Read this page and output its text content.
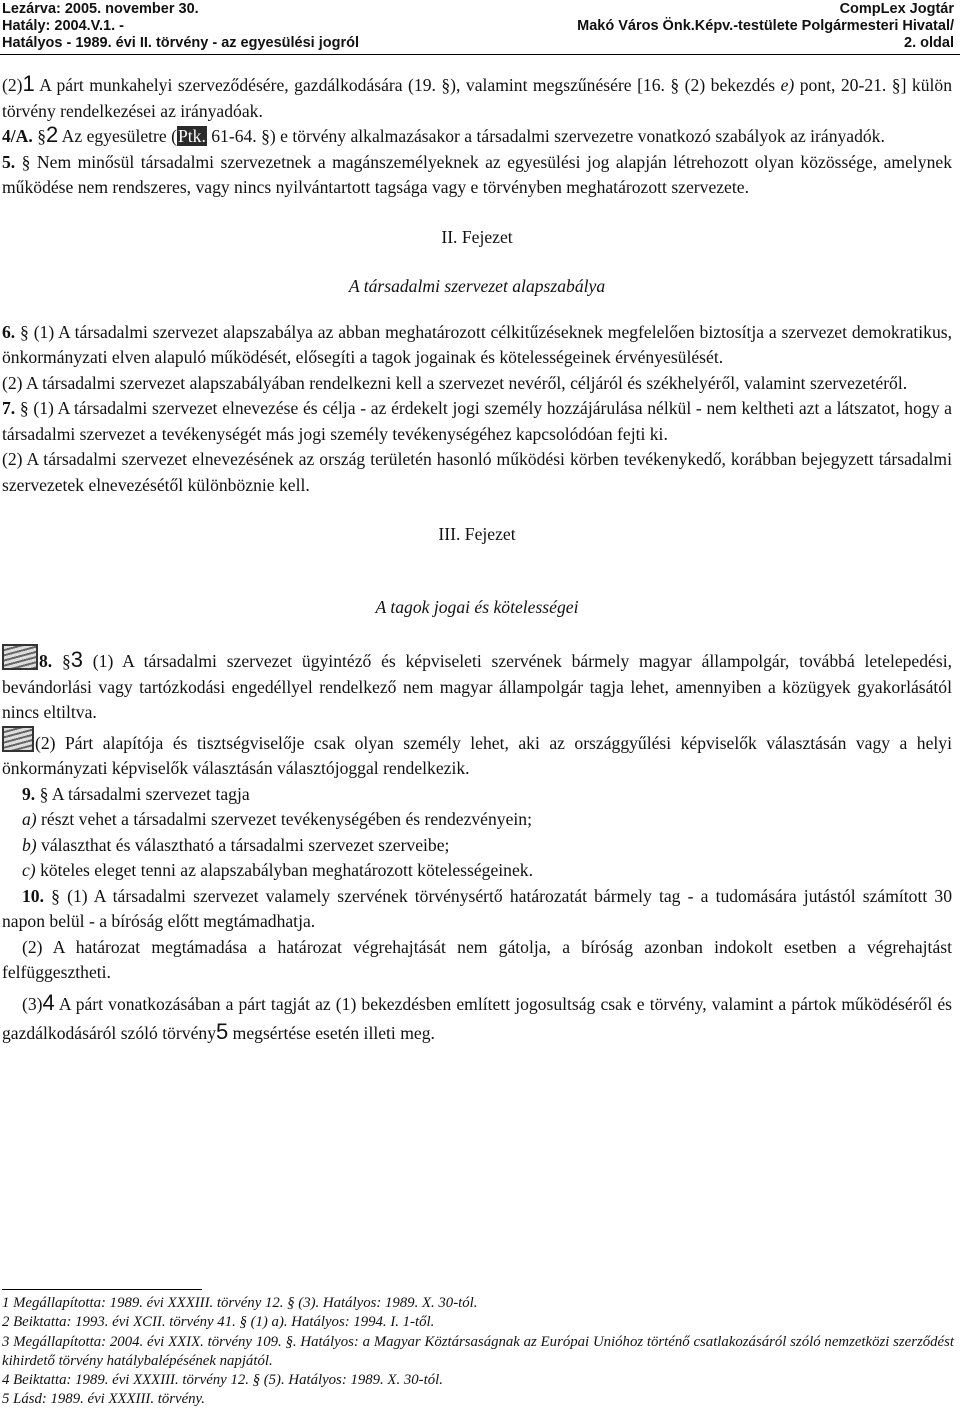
Lezárva: 2005. november 30.
Hatály: 2004.V.1. -
Hatályos - 1989. évi II. törvény - az egyesülési jogról
CompLex Jogtár
Makó Város Önk.Képv.-testülete Polgármesteri Hivatal/
2. oldal

(2)1 A párt munkahelyi szerveződésére, gazdálkodására (19. §), valamint megszűnésére [16. § (2) bekezdés e) pont, 20-21. §] külön törvény rendelkezései az irányadóak.

4/A. §2 Az egyesületre (Ptk. 61-64. §) e törvény alkalmazásakor a társadalmi szervezetre vonatkozó szabályok az irányadók.

5. § Nem minősül társadalmi szervezetnek a magánszemélyeknek az egyesülési jog alapján létrehozott olyan közössége, amelynek működése nem rendszeres, vagy nincs nyilvántartott tagsága vagy e törvényben meghatározott szervezete.

II. Fejezet

A társadalmi szervezet alapszabálya

6. § (1) A társadalmi szervezet alapszabálya az abban meghatározott célkitűzéseknek megfelelően biztosítja a szervezet demokratikus, önkormányzati elven alapuló működését, elősegíti a tagok jogainak és kötelességeinek érvényesülését.

(2) A társadalmi szervezet alapszabályában rendelkezni kell a szervezet nevéről, céljáról és székhelyéről, valamint szervezetéről.

7. § (1) A társadalmi szervezet elnevezése és célja - az érdekelt jogi személy hozzájárulása nélkül - nem keltheti azt a látszatot, hogy a társadalmi szervezet a tevékenységét más jogi személy tevékenységéhez kapcsolódóan fejti ki.

(2) A társadalmi szervezet elnevezésének az ország területén hasonló működési körben tevékenykedő, korábban bejegyzett társadalmi szervezetek elnevezésétől különböznie kell.

III. Fejezet

A tagok jogai és kötelességei

8. §3 (1) A társadalmi szervezet ügyintéző és képviseleti szervének bármely magyar állampolgár, továbbá letelepedési, bevándorlási vagy tartózkodási engedéllyel rendelkező nem magyar állampolgár tagja lehet, amennyiben a közügyek gyakorlásától nincs eltiltva.

(2) Párt alapítója és tisztségviselője csak olyan személy lehet, aki az országgyűlési képviselők választásán vagy a helyi önkormányzati képviselők választásán választójoggal rendelkezik.

9. § A társadalmi szervezet tagja

a) részt vehet a társadalmi szervezet tevékenységében és rendezvényein;

b) választhat és választható a társadalmi szervezet szerveibe;

c) köteles eleget tenni az alapszabályban meghatározott kötelességeinek.

10. § (1) A társadalmi szervezet valamely szervének törvénysértő határozatát bármely tag - a tudomására jutástól számított 30 napon belül - a bíróság előtt megtámadhatja.

(2) A határozat megtámadása a határozat végrehajtását nem gátolja, a bíróság azonban indokolt esetben a végrehajtást felfüggesztheti.

(3)4 A párt vonatkozásában a párt tagját az (1) bekezdésben említett jogosultság csak e törvény, valamint a pártok működéséről és gazdálkodásáról szóló törvény5 megsértése esetén illeti meg.

1 Megállapította: 1989. évi XXXIII. törvény 12. § (3). Hatályos: 1989. X. 30-tól.

2 Beiktatta: 1993. évi XCII. törvény 41. § (1) a). Hatályos: 1994. I. 1-től.

3 Megállapította: 2004. évi XXIX. törvény 109. §. Hatályos: a Magyar Köztársaságnak az Európai Unióhoz történő csatlakozásáról szóló nemzetközi szerződést kihirdető törvény hatálybalépésének napjától.

4 Beiktatta: 1989. évi XXXIII. törvény 12. § (5). Hatályos: 1989. X. 30-tól.

5 Lásd: 1989. évi XXXIII. törvény.
